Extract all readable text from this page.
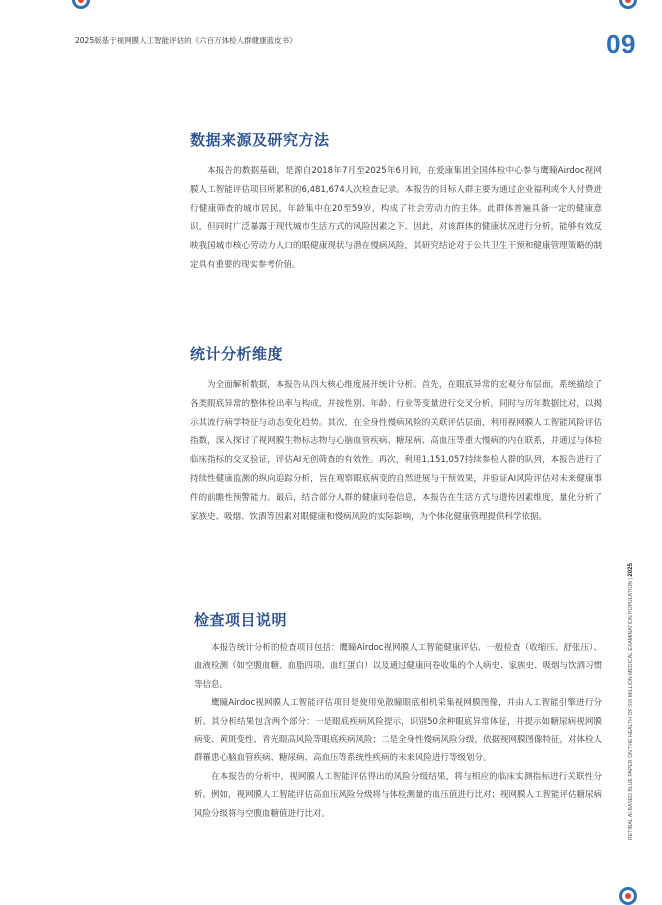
2025版基于视网膜人工智能评估的《六百万体检人群健康蓝皮书》	09
数据来源及研究方法

本报告的数据基础，是源自2018年7月至2025年6月间，在爱康集团全国体检中心参与鹰瞳Airdoc视网膜人工智能评估项目所累积的6,481,674人次检查记录。本报告的目标人群主要为通过企业福利或个人付费进行健康筛查的城市居民，年龄集中在20至59岁，构成了社会劳动力的主体。此群体普遍具备一定的健康意识，但同时广泛暴露于现代城市生活方式的风险因素之下。因此，对该群体的健康状况进行分析，能够有效反映我国城市核心劳动力人口的眼健康现状与潜在慢病风险，其研究结论对于公共卫生干预和健康管理策略的制定具有重要的现实参考价值。

统计分析维度

为全面解析数据，本报告从四大核心维度展开统计分析。首先，在眼底异常的宏观分布层面，系统描绘了各类眼底异常的整体检出率与构成，并按性别、年龄、行业等变量进行交叉分析，同时与历年数据比对，以揭示其流行病学特征与动态变化趋势。其次，在全身性慢病风险的关联评估层面，利用视网膜人工智能风险评估指数，深入探讨了视网膜生物标志物与心脑血管疾病、糖尿病、高血压等重大慢病的内在联系，并通过与体检临床指标的交叉验证，评估AI无创筛查的有效性。再次，利用1,151,057持续参检人群的队列，本报告进行了持续性健康监测的纵向追踪分析，旨在观察眼底病变的自然进展与干预效果，并验证AI风险评估对未来健康事件的前瞻性预警能力。最后，结合部分人群的健康问卷信息，本报告在生活方式与遗传因素维度，量化分析了家族史、吸烟、饮酒等因素对眼健康和慢病风险的实际影响，为个体化健康管理提供科学依据。

检查项目说明

本报告统计分析的检查项目包括：鹰瞳Airdoc视网膜人工智能健康评估、一般检查（收缩压、舒张压）、血液检测（如空腹血糖、血脂四项、血红蛋白）以及通过健康问卷收集的个人病史、家族史、吸烟与饮酒习惯等信息。

鹰瞳Airdoc视网膜人工智能评估项目是使用免散瞳眼底相机采集视网膜图像，并由人工智能引擎进行分析。其分析结果包含两个部分：一是眼底疾病风险提示，识别50余种眼底异常体征，并提示如糖尿病视网膜病变、黄斑变性、青光眼高风险等眼底疾病风险；二是全身性慢病风险分级，依据视网膜图像特征，对体检人群罹患心脑血管疾病、糖尿病、高血压等系统性疾病的未来风险进行等级划分。

在本报告的分析中，视网膜人工智能评估得出的风险分级结果，将与相应的临床实测指标进行关联性分析。例如，视网膜人工智能评估高血压风险分级将与体检测量的血压值进行比对；视网膜人工智能评估糖尿病风险分级将与空腹血糖值进行比对。	RETINAL AI-BASED BLUE PAPER ON THE HEALTH OF SIX MILLION MEDICAL EXAMINATION POPULATION | 2025
